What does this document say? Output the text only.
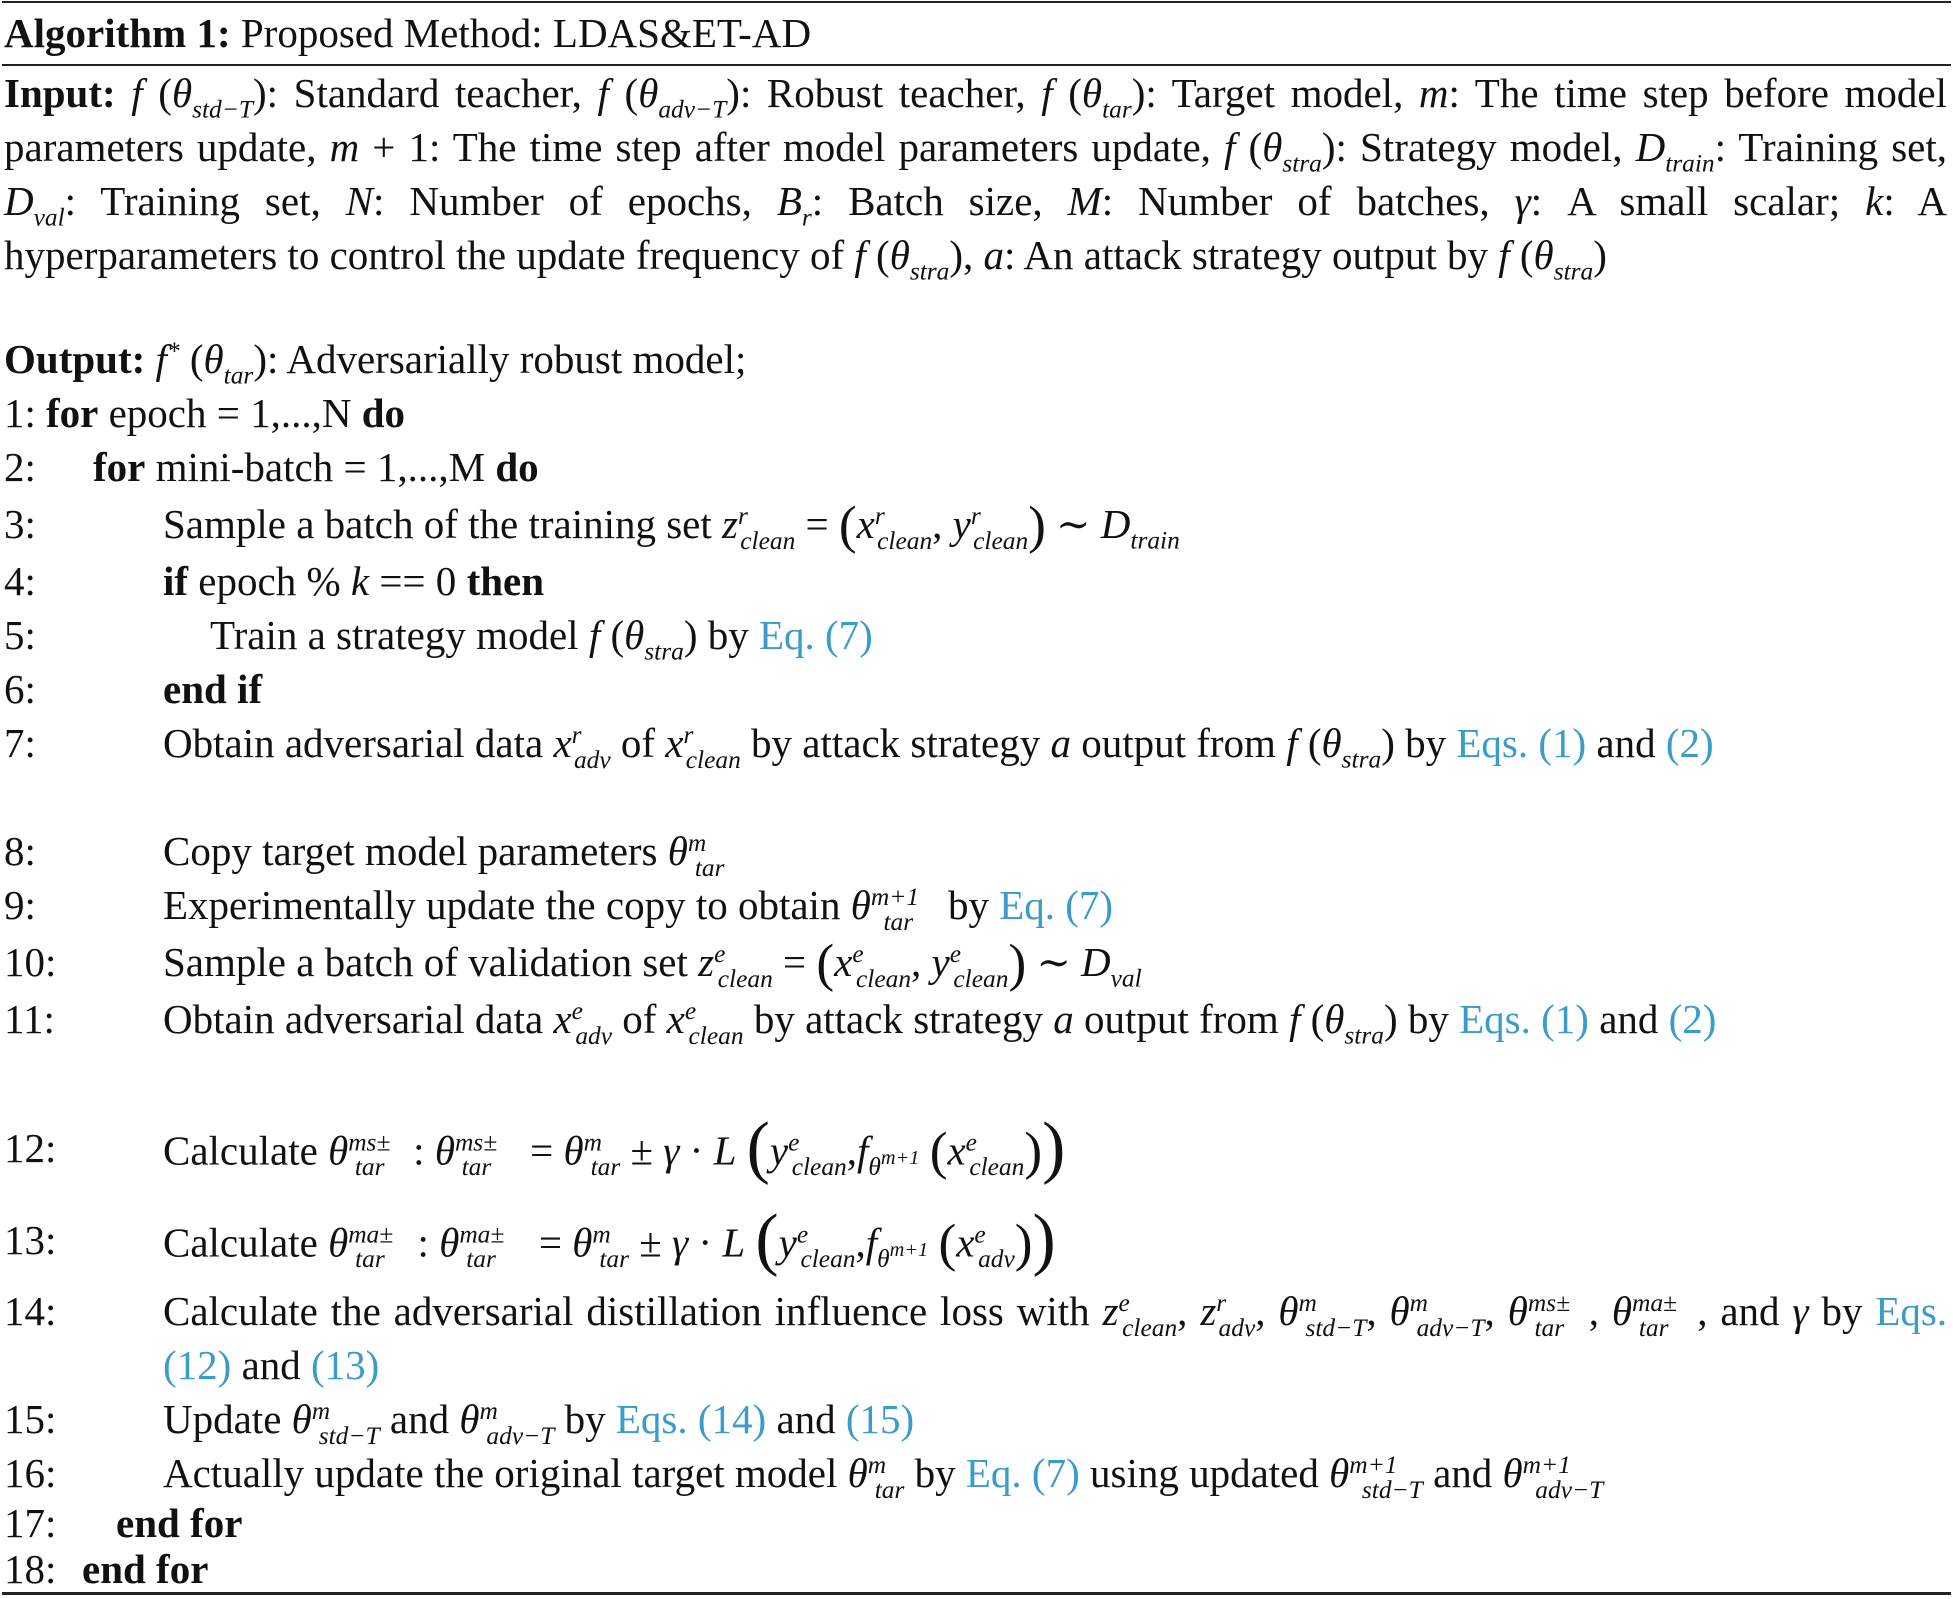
Algorithm 1: Proposed Method: LDAS&ET-AD
Input: f $(\theta_{std-T})$: Standard teacher, f $(\theta_{adv-T})$: Robust teacher, f $(\theta_{tar})$: Target model, m: The time step before model parameters update, m + 1: The time step after model parameters update, f $(\theta_{stra})$: Strategy model, $D_{train}$: Training set, $D_{val}$: Training set, N: Number of epochs, $B_r$: Batch size, M: Number of batches, γ: A small scalar; k: A hyperparameters to control the update frequency of f $(\theta_{stra})$, a: An attack strategy output by f $(\theta_{stra})$
Output: f* $(\theta_{tar})$: Adversarially robust model;
1: for epoch = 1,...,N do
2: for mini-batch = 1,...,M do
3:	Sample a batch of the training set $z^r_{clean} = (x^r_{clean}$, $y^r_{clean}$) ∼ $D_{train}$
4:	if epoch % k == 0 then
5:	Train a strategy model f $(\theta_{stra})$ by Eq. (7)
6:	end if
7:	Obtain adversarial data $x^r_{adv}$ of $x^r_{clean}$ by attack strategy a output from f $(\theta_{stra})$ by Eqs. (1) and (2)
8:	Copy target model parameters $\theta^m_{tar}$
9:	Experimentally update the copy to obtain $\theta^{m+1}_{tar}$ by Eq. (7)
10:	Sample a batch of validation set $z^e_{clean} = (x^e_{clean}$, $y^e_{clean}$) ∼ $D_{val}$
11:	Obtain adversarial data $x^e_{adv}$ of $x^e_{clean}$ by attack strategy a output from f $(\theta_{stra})$ by Eqs. (1) and (2)
12:	Calculate $\theta^{ms\pm}_{tar}$ : $\theta^{ms\pm}_{tar} = \theta^m_{tar} \pm \gamma \cdot L$ ($y^e_{clean},f_{\theta^{m+1}}$ $(x^e_{clean})$)
13:	Calculate $\theta^{ma\pm}_{tar}$ : $\theta^{ma\pm}_{tar} = \theta^m_{tar} \pm \gamma \cdot L$ ($y^e_{clean},f_{\theta^{m+1}}$ $(x^e_{adv})$)
14:	Calculate the adversarial distillation influence loss with $z^e_{clean}$, $z^r_{adv}$, $\theta^m_{std-T}$, $\theta^m_{adv-T}$, $\theta^{ms\pm}_{tar}$ , $\theta^{ma\pm}_{tar}$ , and γ by Eqs. (12) and (13)
15:	Update $\theta^m_{std-T}$ and $\theta^m_{adv-T}$ by Eqs. (14) and (15)
16:	Actually update the original target model $\theta^m_{tar}$ by Eq. (7) using updated $\theta^{m+1}_{std-T}$ and $\theta^{m+1}_{adv-T}$
17: end for
18: end for
